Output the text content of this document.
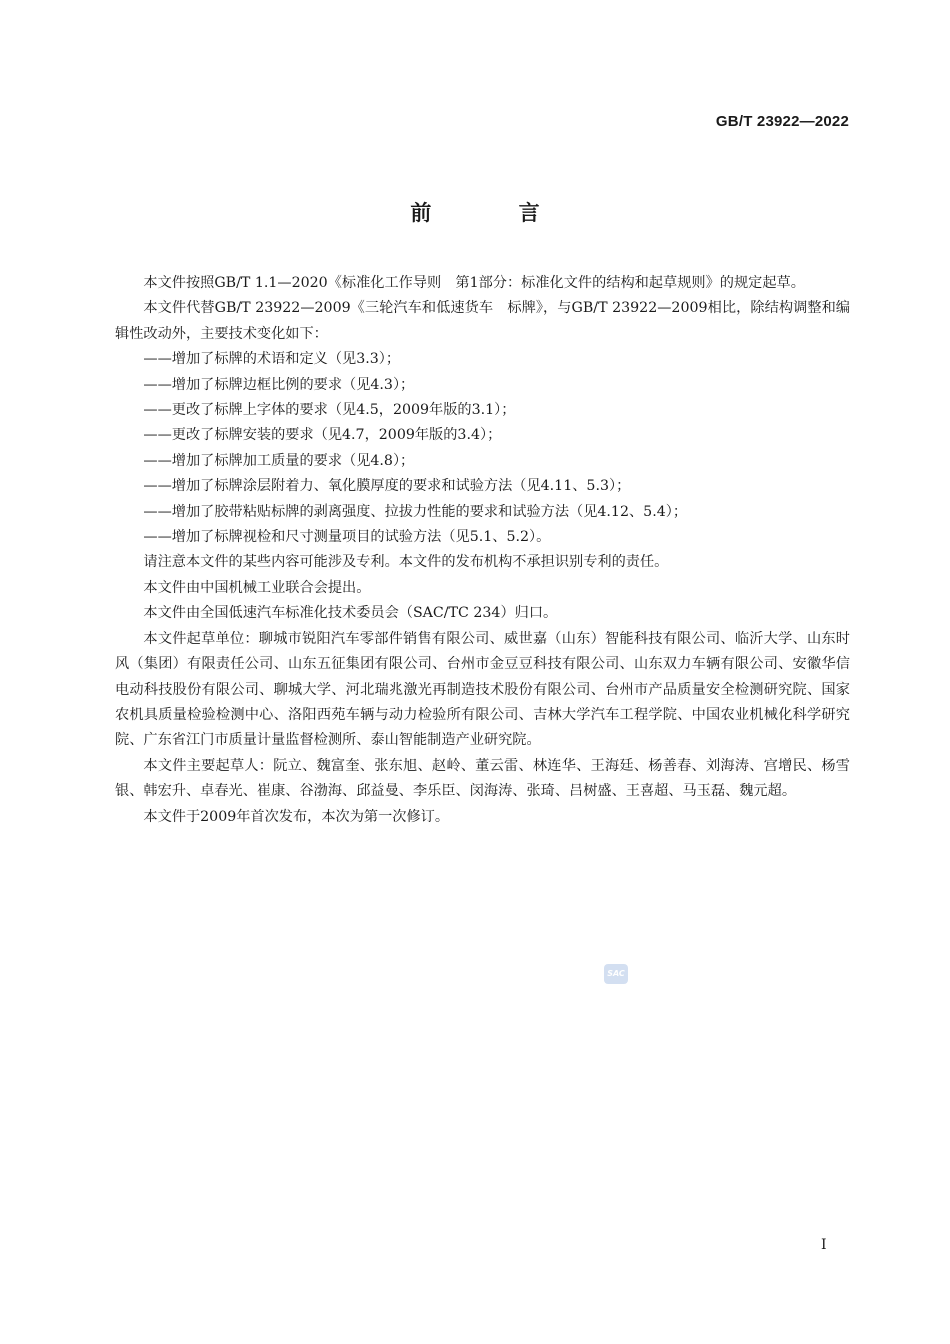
GB/T 23922—2022
前 言

本文件按照GB/T 1.1—2020《标准化工作导则　第1部分：标准化文件的结构和起草规则》的规定起草。

本文件代替GB/T 23922—2009《三轮汽车和低速货车　标牌》，与GB/T 23922—2009相比，除结构调整和编辑性改动外，主要技术变化如下：

——增加了标牌的术语和定义（见3.3）；

——增加了标牌边框比例的要求（见4.3）；

——更改了标牌上字体的要求（见4.5，2009年版的3.1）；

——更改了标牌安装的要求（见4.7，2009年版的3.4）；

——增加了标牌加工质量的要求（见4.8）；

——增加了标牌涂层附着力、氧化膜厚度的要求和试验方法（见4.11、5.3）；

——增加了胶带粘贴标牌的剥离强度、拉拔力性能的要求和试验方法（见4.12、5.4）；

——增加了标牌视检和尺寸测量项目的试验方法（见5.1、5.2）。

请注意本文件的某些内容可能涉及专利。本文件的发布机构不承担识别专利的责任。

本文件由中国机械工业联合会提出。

本文件由全国低速汽车标准化技术委员会（SAC/TC 234）归口。

本文件起草单位：聊城市锐阳汽车零部件销售有限公司、威世嘉（山东）智能科技有限公司、临沂大学、山东时风（集团）有限责任公司、山东五征集团有限公司、台州市金豆豆科技有限公司、山东双力车辆有限公司、安徽华信电动科技股份有限公司、聊城大学、河北瑞兆激光再制造技术股份有限公司、台州市产品质量安全检测研究院、国家农机具质量检验检测中心、洛阳西苑车辆与动力检验所有限公司、吉林大学汽车工程学院、中国农业机械化科学研究院、广东省江门市质量计量监督检测所、泰山智能制造产业研究院。

本文件主要起草人：阮立、魏富奎、张东旭、赵岭、董云雷、林连华、王海廷、杨善春、刘海涛、宫增民、杨雪银、韩宏升、卓春光、崔康、谷渤海、邱益曼、李乐臣、闵海涛、张琦、吕树盛、王喜超、马玉磊、魏元超。

本文件于2009年首次发布，本次为第一次修订。

SAC
I
